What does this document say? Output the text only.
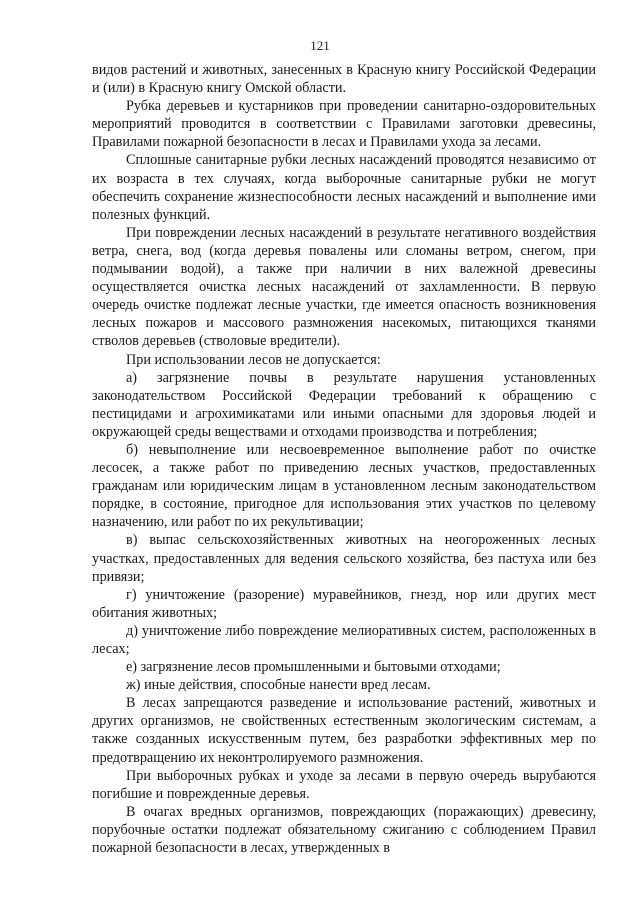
121

видов растений и животных, занесенных в Красную книгу Российской Федерации и (или) в Красную книгу Омской области.

Рубка деревьев и кустарников при проведении санитарно-оздоровительных мероприятий проводится в соответствии с Правилами заготовки древесины, Правилами пожарной безопасности в лесах и Правилами ухода за лесами.

Сплошные санитарные рубки лесных насаждений проводятся независимо от их возраста в тех случаях, когда выборочные санитарные рубки не могут обеспечить сохранение жизнеспособности лесных насаждений и выполнение ими полезных функций.

При повреждении лесных насаждений в результате негативного воздействия ветра, снега, вод (когда деревья повалены или сломаны ветром, снегом, при подмывании водой), а также при наличии в них валежной древесины осуществляется очистка лесных насаждений от захламленности. В первую очередь очистке подлежат лесные участки, где имеется опасность возникновения лесных пожаров и массового размножения насекомых, питающихся тканями стволов деревьев (стволовые вредители).

При использовании лесов не допускается:

а) загрязнение почвы в результате нарушения установленных законодательством Российской Федерации требований к обращению с пестицидами и агрохимикатами или иными опасными для здоровья людей и окружающей среды веществами и отходами производства и потребления;

б) невыполнение или несвоевременное выполнение работ по очистке лесосек, а также работ по приведению лесных участков, предоставленных гражданам или юридическим лицам в установленном лесным законодательством порядке, в состояние, пригодное для использования этих участков по целевому назначению, или работ по их рекультивации;

в) выпас сельскохозяйственных животных на неогороженных лесных участках, предоставленных для ведения сельского хозяйства, без пастуха или без привязи;

г) уничтожение (разорение) муравейников, гнезд, нор или других мест обитания животных;

д) уничтожение либо повреждение мелиоративных систем, расположенных в лесах;

е) загрязнение лесов промышленными и бытовыми отходами;

ж) иные действия, способные нанести вред лесам.

В лесах запрещаются разведение и использование растений, животных и других организмов, не свойственных естественным экологическим системам, а также созданных искусственным путем, без разработки эффективных мер по предотвращению их неконтролируемого размножения.

При выборочных рубках и уходе за лесами в первую очередь вырубаются погибшие и поврежденные деревья.

В очагах вредных организмов, повреждающих (поражающих) древесину, порубочные остатки подлежат обязательному сжиганию с соблюдением Правил пожарной безопасности в лесах, утвержденных в
